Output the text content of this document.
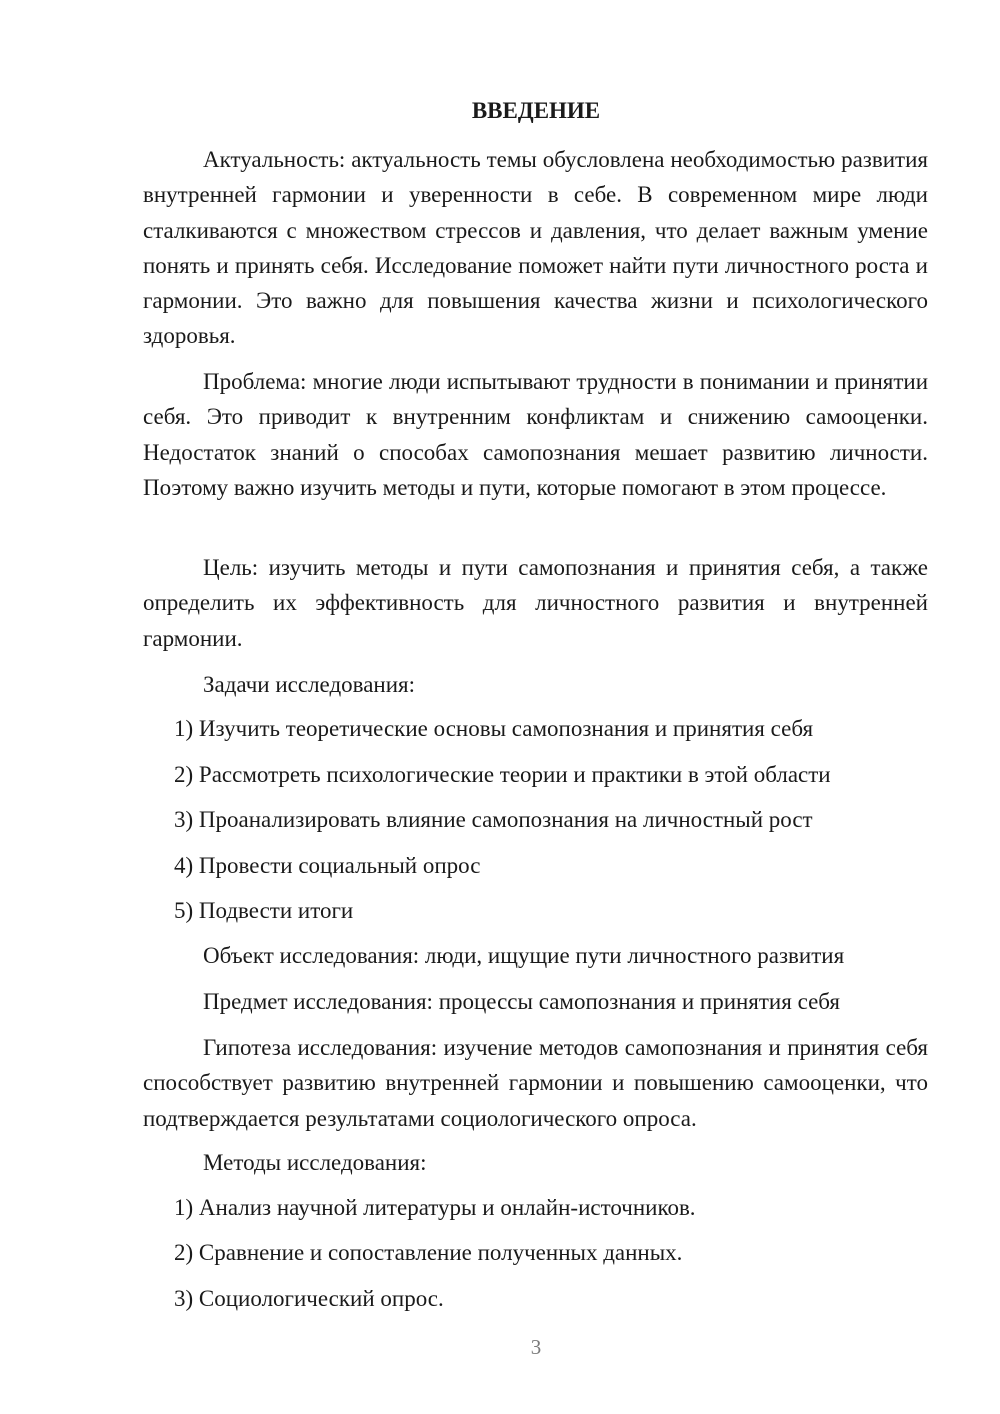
ВВЕДЕНИЕ

Актуальность: актуальность темы обусловлена необходимостью развития внутренней гармонии и уверенности в себе. В современном мире люди сталкиваются с множеством стрессов и давления, что делает важным умение понять и принять себя. Исследование поможет найти пути личностного роста и гармонии. Это важно для повышения качества жизни и психологического здоровья.

Проблема: многие люди испытывают трудности в понимании и принятии себя. Это приводит к внутренним конфликтам и снижению самооценки. Недостаток знаний о способах самопознания мешает развитию личности. Поэтому важно изучить методы и пути, которые помогают в этом процессе.

Цель: изучить методы и пути самопознания и принятия себя, а также определить их эффективность для личностного развития и внутренней гармонии.

Задачи исследования:

1) Изучить теоретические основы самопознания и принятия себя

2) Рассмотреть психологические теории и практики в этой области

3) Проанализировать влияние самопознания на личностный рост

4) Провести социальный опрос

5) Подвести итоги

Объект исследования: люди, ищущие пути личностного развития

Предмет исследования: процессы самопознания и принятия себя

Гипотеза исследования: изучение методов самопознания и принятия себя способствует развитию внутренней гармонии и повышению самооценки, что подтверждается результатами социологического опроса.

Методы исследования:

1) Анализ научной литературы и онлайн-источников.

2) Сравнение и сопоставление полученных данных.

3) Социологический опрос.

3
